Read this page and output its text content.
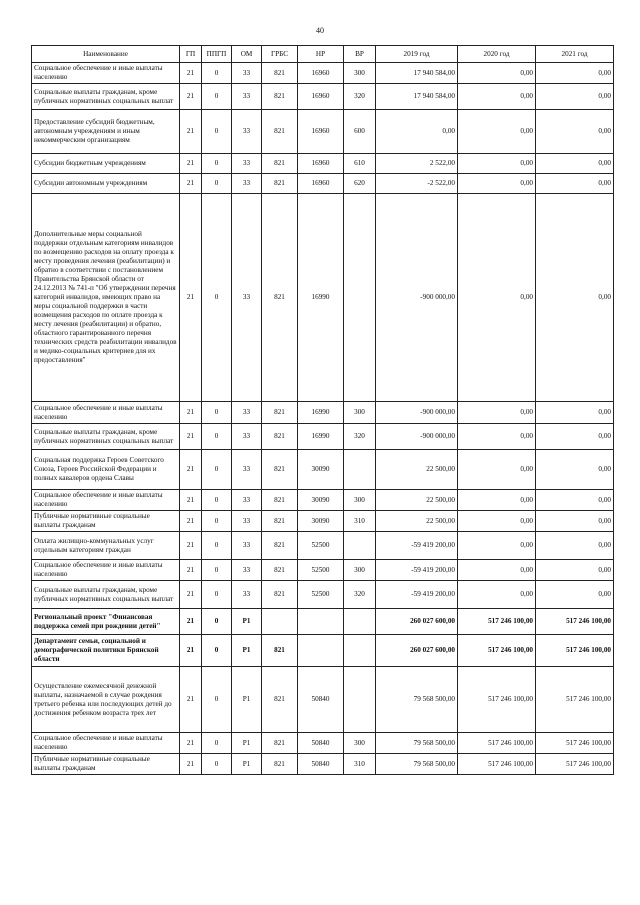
40
Наименование	ГП	ППГП	ОМ	ГРБС	НР	ВР	2019 год	2020 год	2021 год
Социальное обеспечение и иные выплаты населению	21	0	33	821	16960	300	17 940 584,00	0,00	0,00
Социальные выплаты гражданам, кроме публичных нормативных социальных выплат	21	0	33	821	16960	320	17 940 584,00	0,00	0,00
Предоставление субсидий бюджетным, автономным учреждениям и иным некоммерческим организациям	21	0	33	821	16960	600	0,00	0,00	0,00
Субсидии бюджетным учреждениям	21	0	33	821	16960	610	2 522,00	0,00	0,00
Субсидии автономным учреждениям	21	0	33	821	16960	620	-2 522,00	0,00	0,00
Дополнительные меры социальной поддержки отдельным категориям инвалидов по возмещению расходов на оплату проезда к месту проведения лечения (реабилитации) и обратно в соответствии с постановлением Правительства Брянской области от 24.12.2013 № 741-п "Об утверждении перечня категорий инвалидов, имеющих право на меры социальной поддержки в части возмещения расходов по оплате проезда к месту лечения (реабилитации) и обратно, областного гарантированного перечня технических средств реабилитации инвалидов и медико-социальных критериев для их предоставления"	21	0	33	821	16990		-900 000,00	0,00	0,00
Социальное обеспечение и иные выплаты населению	21	0	33	821	16990	300	-900 000,00	0,00	0,00
Социальные выплаты гражданам, кроме публичных нормативных социальных выплат	21	0	33	821	16990	320	-900 000,00	0,00	0,00
Социальная поддержка Героев Советского Союза, Героев Российской Федерации и полных кавалеров ордена Славы	21	0	33	821	30090		22 500,00	0,00	0,00
Социальное обеспечение и иные выплаты населению	21	0	33	821	30090	300	22 500,00	0,00	0,00
Публичные нормативные социальные выплаты гражданам	21	0	33	821	30090	310	22 500,00	0,00	0,00
Оплата жилищно-коммунальных услуг отдельным категориям граждан	21	0	33	821	52500		-59 419 200,00	0,00	0,00
Социальное обеспечение и иные выплаты населению	21	0	33	821	52500	300	-59 419 200,00	0,00	0,00
Социальные выплаты гражданам, кроме публичных нормативных социальных выплат	21	0	33	821	52500	320	-59 419 200,00	0,00	0,00
Региональный проект "Финансовая поддержка семей при рождении детей"	21	0	P1				260 027 600,00	517 246 100,00	517 246 100,00
Департамент семьи, социальной и демографической политики Брянской области	21	0	P1	821			260 027 600,00	517 246 100,00	517 246 100,00
Осуществление ежемесячной денежной выплаты, назначаемой в случае рождения третьего ребенка или последующих детей до достижения ребенком возраста трех лет	21	0	P1	821	50840		79 568 500,00	517 246 100,00	517 246 100,00
Социальное обеспечение и иные выплаты населению	21	0	P1	821	50840	300	79 568 500,00	517 246 100,00	517 246 100,00
Публичные нормативные социальные выплаты гражданам	21	0	P1	821	50840	310	79 568 500,00	517 246 100,00	517 246 100,00
